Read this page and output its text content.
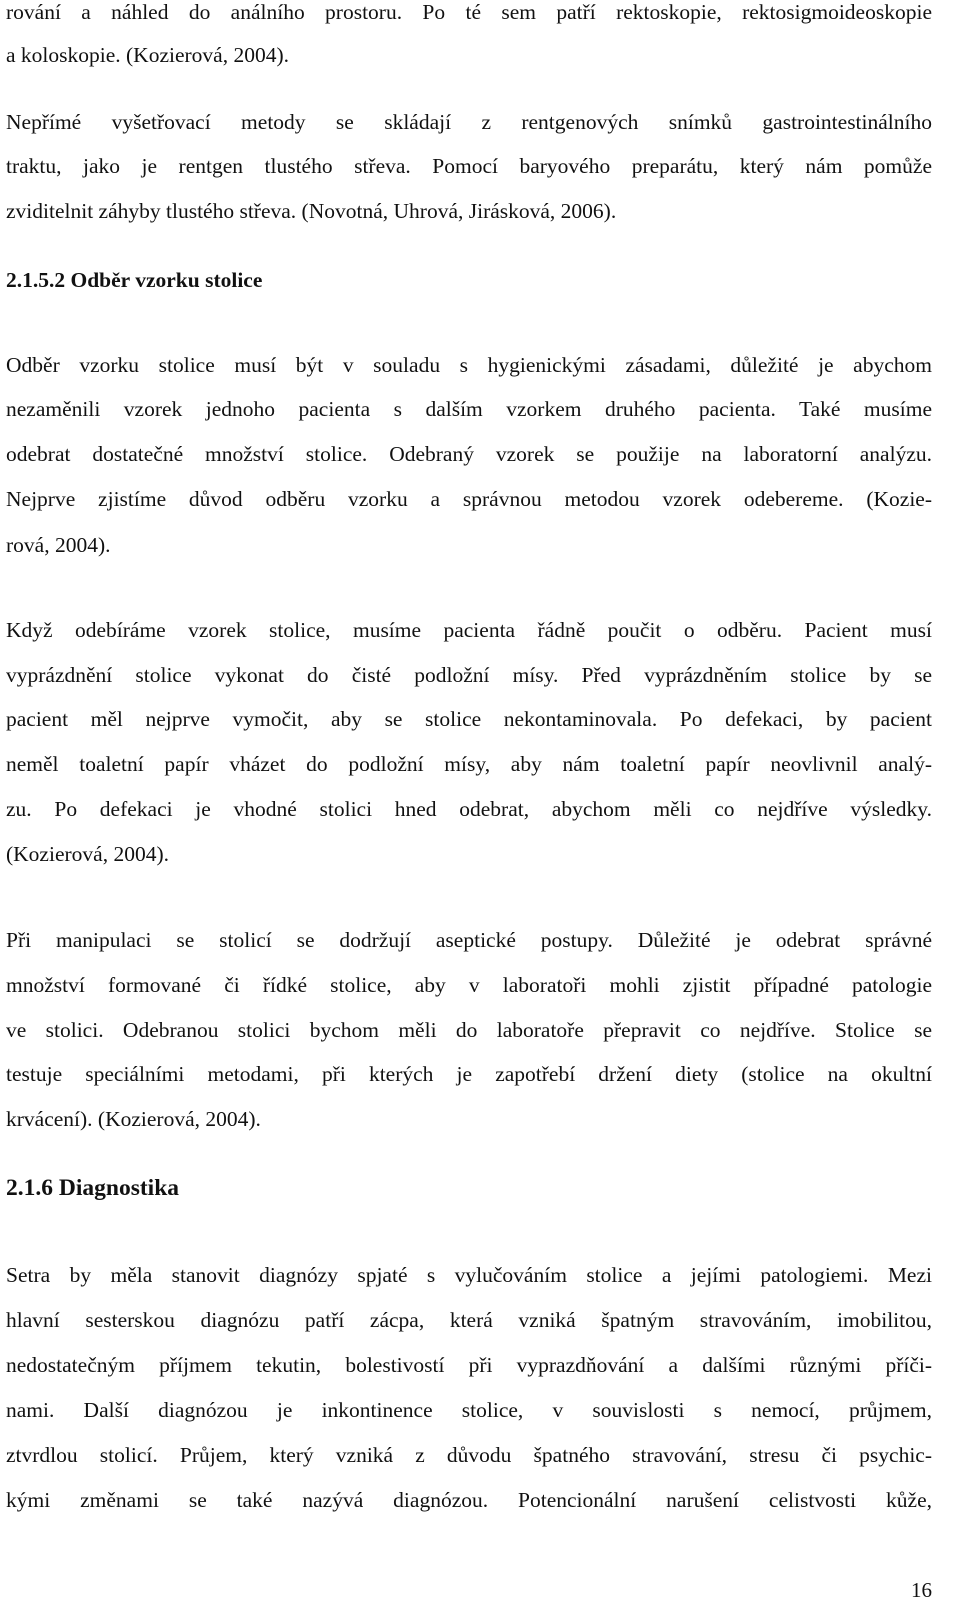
rování a náhled do análního prostoru. Po té sem patří rektoskopie, rektosigmoideoskopie
a koloskopie. (Kozierová, 2004).
Nepřímé vyšetřovací metody se skládají z rentgenových snímků gastrointestinálního
traktu, jako je rentgen tlustého střeva. Pomocí baryového preparátu, který nám pomůže
zviditelnit záhyby tlustého střeva. (Novotná, Uhrová, Jirásková, 2006).
2.1.5.2 Odběr vzorku stolice
Odběr vzorku stolice musí být v souladu s hygienickými zásadami, důležité je abychom
nezaměnili vzorek jednoho pacienta s dalším vzorkem druhého pacienta. Také musíme
odebrat dostatečné množství stolice. Odebraný vzorek se použije na laboratorní analýzu.
Nejprve zjistíme důvod odběru vzorku a správnou metodou vzorek odebereme. (Kozie-
rová, 2004).
Když odebíráme vzorek stolice, musíme pacienta řádně poučit o odběru. Pacient musí
vyprázdnění stolice vykonat do čisté podložní mísy. Před vyprázdněním stolice by se
pacient měl nejprve vymočit, aby se stolice nekontaminovala. Po defekaci, by pacient
neměl toaletní papír vházet do podložní mísy, aby nám toaletní papír neovlivnil analý-
zu. Po defekaci je vhodné stolici hned odebrat, abychom měli co nejdříve výsledky.
(Kozierová, 2004).
Při manipulaci se stolicí se dodržují aseptické postupy. Důležité je odebrat správné
množství formované či řídké stolice, aby v laboratoři mohli zjistit případné patologie
ve stolici. Odebranou stolici bychom měli do laboratoře přepravit co nejdříve. Stolice se
testuje speciálními metodami, při kterých je zapotřebí držení diety (stolice na okultní
krvácení). (Kozierová, 2004).
2.1.6 Diagnostika
Setra by měla stanovit diagnózy spjaté s vylučováním stolice a jejími patologiemi. Mezi
hlavní sesterskou diagnózu patří zácpa, která vzniká špatným stravováním, imobilitou,
nedostatečným příjmem tekutin, bolestivostí při vyprazdňování a dalšími různými příči-
nami. Další diagnózou je inkontinence stolice, v souvislosti s nemocí, průjmem,
ztvrdlou stolicí. Průjem, který vzniká z důvodu špatného stravování, stresu či psychic-
kými změnami se také nazývá diagnózou. Potencionální narušení celistvosti kůže,
16
